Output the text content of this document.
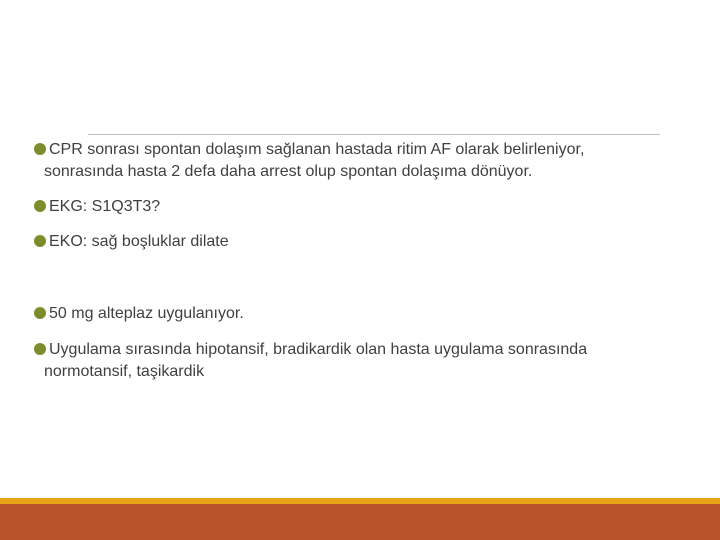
CPR sonrası spontan dolaşım sağlanan hastada ritim AF olarak belirleniyor,
sonrasında hasta 2 defa daha arrest olup spontan dolaşıma dönüyor.
EKG: S1Q3T3?
EKO: sağ boşluklar dilate
50 mg alteplaz uygulanıyor.
Uygulama sırasında hipotansif, bradikardik olan hasta uygulama sonrasında
normotansif, taşikardik
